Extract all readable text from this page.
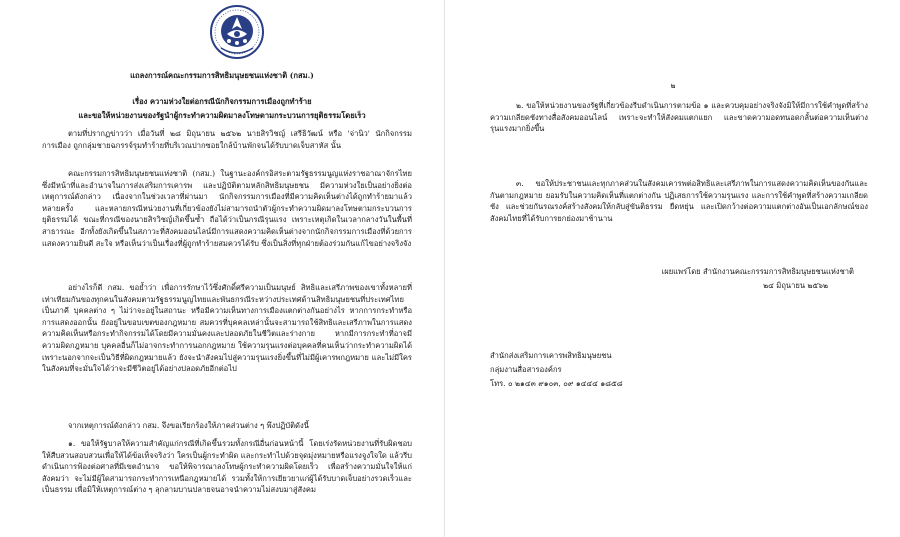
แถลงการณ์คณะกรรมการสิทธิมนุษยชนแห่งชาติ (กสม.)
เรื่อง ความห่วงใยต่อกรณีนักกิจกรรมการเมืองถูกทำร้าย
และขอให้หน่วยงานของรัฐนำผู้กระทำความผิดมาลงโทษตามกระบวนการยุติธรรมโดยเร็ว
ตามที่ปรากฏข่าวว่า เมื่อวันที่ ๒๘ มิถุนายน ๒๕๖๒ นายสิรวิชญ์ เสรีธิวัฒน์ หรือ 'จ่านิว' นักกิจกรรมการเมือง ถูกกลุ่มชายฉกรรจ์รุมทำร้ายที่บริเวณปากซอยใกล้บ้านพักจนได้รับบาดเจ็บสาหัส นั้น
คณะกรรมการสิทธิมนุษยชนแห่งชาติ (กสม.) ในฐานะองค์กรอิสระตามรัฐธรรมนูญแห่งราชอาณาจักรไทย ซึ่งมีหน้าที่และอำนาจในการส่งเสริมการเคารพ และปฏิบัติตามหลักสิทธิมนุษยชน มีความห่วงใยเป็นอย่างยิ่งต่อเหตุการณ์ดังกล่าว เนื่องจากในช่วงเวลาที่ผ่านมา นักกิจกรรมการเมืองที่มีความคิดเห็นต่างได้ถูกทำร้ายมาแล้วหลายครั้ง และหลายกรณีหน่วยงานที่เกี่ยวข้องยังไม่สามารถนำตัวผู้กระทำความผิดมาลงโทษตามกระบวนการยุติธรรมได้ ขณะที่กรณีของนายสิรวิชญ์เกิดขึ้นซ้ำ ถือได้ว่าเป็นกรณีรุนแรง เพราะเหตุเกิดในเวลากลางวันในพื้นที่สาธารณะ อีกทั้งยังเกิดขึ้นในสภาวะที่สังคมออนไลน์มีการแสดงความคิดเห็นต่างจากนักกิจกรรมการเมืองที่ด้วยการแสดงความยินดี สะใจ หรือเห็นว่าเป็นเรื่องที่ผู้ถูกทำร้ายสมควรได้รับ ซึ่งเป็นสิ่งที่ทุกฝ่ายต้องร่วมกันแก้ไขอย่างจริงจัง
อย่างไรก็ดี กสม. ขอย้ำว่า เพื่อการรักษาไว้ซึ่งศักดิ์ศรีความเป็นมนุษย์ สิทธิและเสรีภาพของเขาทั้งหลายที่เท่าเทียมกันของทุกคนในสังคมตามรัฐธรรมนูญไทยและพันธกรณีระหว่างประเทศด้านสิทธิมนุษยชนที่ประเทศไทยเป็นภาคี บุคคลต่าง ๆ ไม่ว่าจะอยู่ในสถานะ หรือมีความเห็นทางการเมืองแตกต่างกันอย่างไร หากการกระทำหรือการแสดงออกนั้น ยังอยู่ในขอบเขตของกฎหมาย สมควรที่บุคคลเหล่านั้นจะสามารถใช้สิทธิและเสรีภาพในการแสดงความคิดเห็นหรือกระทำกิจกรรมได้โดยมีความมั่นคงและปลอดภัยในชีวิตและร่างกาย หากมีการกระทำที่อาจมีความผิดกฎหมาย บุคคลอื่นก็ไม่อาจกระทำการนอกกฎหมาย ใช้ความรุนแรงต่อบุคคลที่คนเห็นว่ากระทำความผิดได้ เพราะนอกจากจะเป็นวิธีที่ผิดกฎหมายแล้ว ยังจะนำสังคมไปสู่ความรุนแรงยิ่งขึ้นที่ไม่มีผู้เคารพกฎหมาย และไม่มีใครในสังคมที่จะมั่นใจได้ว่าจะมีชีวิตอยู่ได้อย่างปลอดภัยอีกต่อไป
จากเหตุการณ์ดังกล่าว กสม. จึงขอเรียกร้องให้ภาคส่วนต่าง ๆ พึงปฏิบัติดังนี้
๑. ขอให้รัฐบาลให้ความสำคัญแก่กรณีที่เกิดขึ้นรวมทั้งกรณีอื่นก่อนหน้านี้ โดยเร่งรัดหน่วยงานที่รับผิดชอบให้สืบสวนสอบสวนเพื่อให้ได้ข้อเท็จจริงว่า ใครเป็นผู้กระทำผิด และกระทำไปด้วยจุดมุ่งหมายหรือแรงจูงใจใด แล้วรีบดำเนินการฟ้องต่อศาลที่มีเขตอำนาจ ขอให้พิจารณาลงโทษผู้กระทำความผิดโดยเร็ว เพื่อสร้างความมั่นใจให้แก่สังคมว่า จะไม่มีผู้ใดสามารถกระทำการเหนือกฎหมายได้ รวมทั้งให้การเยียวยาแก่ผู้ได้รับบาดเจ็บอย่างรวดเร็วและเป็นธรรม เพื่อมิให้เหตุการณ์ต่าง ๆ ลุกลามบานปลายจนอาจนำความไม่สงบมาสู่สังคม
๒
๒. ขอให้หน่วยงานของรัฐที่เกี่ยวข้องรีบดำเนินการตามข้อ ๑ และควบคุมอย่างจริงจังมิให้มีการใช้คำพูดที่สร้างความเกลียดชังทางสื่อสังคมออนไลน์ เพราะจะทำให้สังคมแตกแยก และขาดความอดทนอดกลั้นต่อความเห็นต่างรุนแรงมากยิ่งขึ้น
๓. ขอให้ประชาชนและทุกภาคส่วนในสังคมเคารพต่อสิทธิและเสรีภาพในการแสดงความคิดเห็นของกันและกันตามกฎหมาย ยอมรับในความคิดเห็นที่แตกต่างกัน ปฏิเสธการใช้ความรุนแรง และการใช้คำพูดที่สร้างความเกลียดชัง และช่วยกันรณรงค์สร้างสังคมให้กลับสู่ขันติธรรม ยืดหยุ่น และเปิดกว้างต่อความแตกต่างอันเป็นเอกลักษณ์ของสังคมไทยที่ได้รับการยกย่องมาช้านาน
เผยแพร่โดย สำนักงานคณะกรรมการสิทธิมนุษยชนแห่งชาติ
๒๔ มิถุนายน ๒๕๖๒
สำนักส่งเสริมการเคารพสิทธิมนุษยชน
กลุ่มงานสื่อสารองค์กร
โทร. ๐ ๒๑๔๓ ๙๑๐๓, ๐๙ ๑๔๔๔ ๑๘๕๘
